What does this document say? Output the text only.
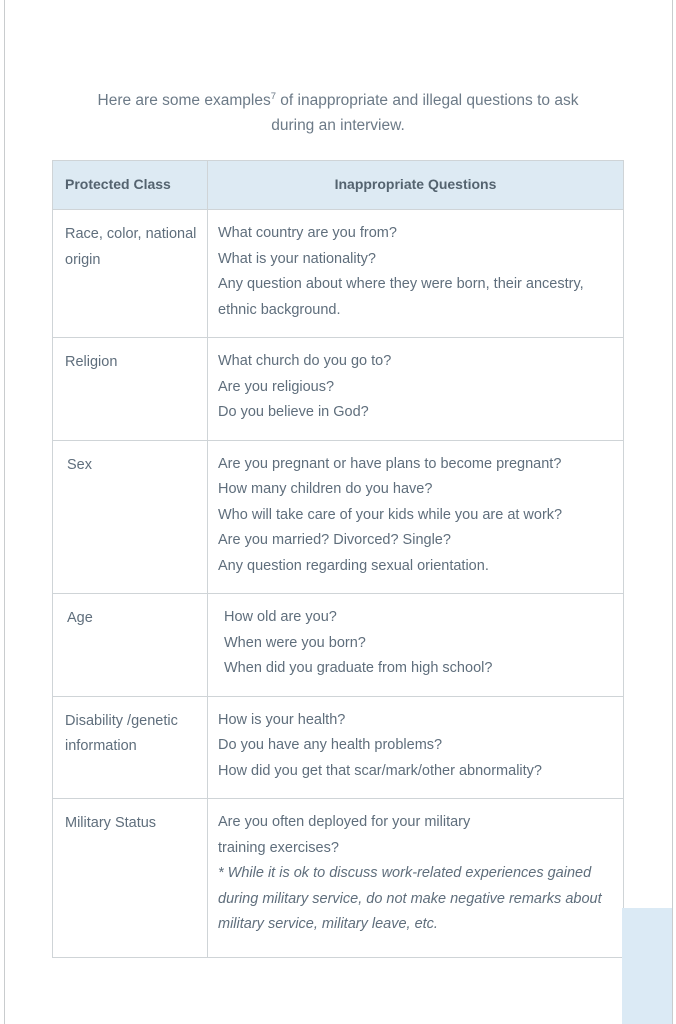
Here are some examples$^7$ of inappropriate and illegal questions to ask during an interview.

Protected Class	Inappropriate Questions
Race, color, national origin	What country are you from?
What is your nationality?
Any question about where they were born, their ancestry, ethnic background.

Religion	What church do you go to?
Are you religious?
Do you believe in God?

Sex	Are you pregnant or have plans to become pregnant?
How many children do you have?
Who will take care of your kids while you are at work?
Are you married? Divorced? Single?
Any question regarding sexual orientation.

Age	How old are you?
When were you born?
When did you graduate from high school?

Disability /genetic information	How is your health?
Do you have any health problems?
How did you get that scar/mark/other abnormality?

Military Status	Are you often deployed for your military training exercises?
* While it is ok to discuss work-related experiences gained during military service, do not make negative remarks about military service, military leave, etc.
